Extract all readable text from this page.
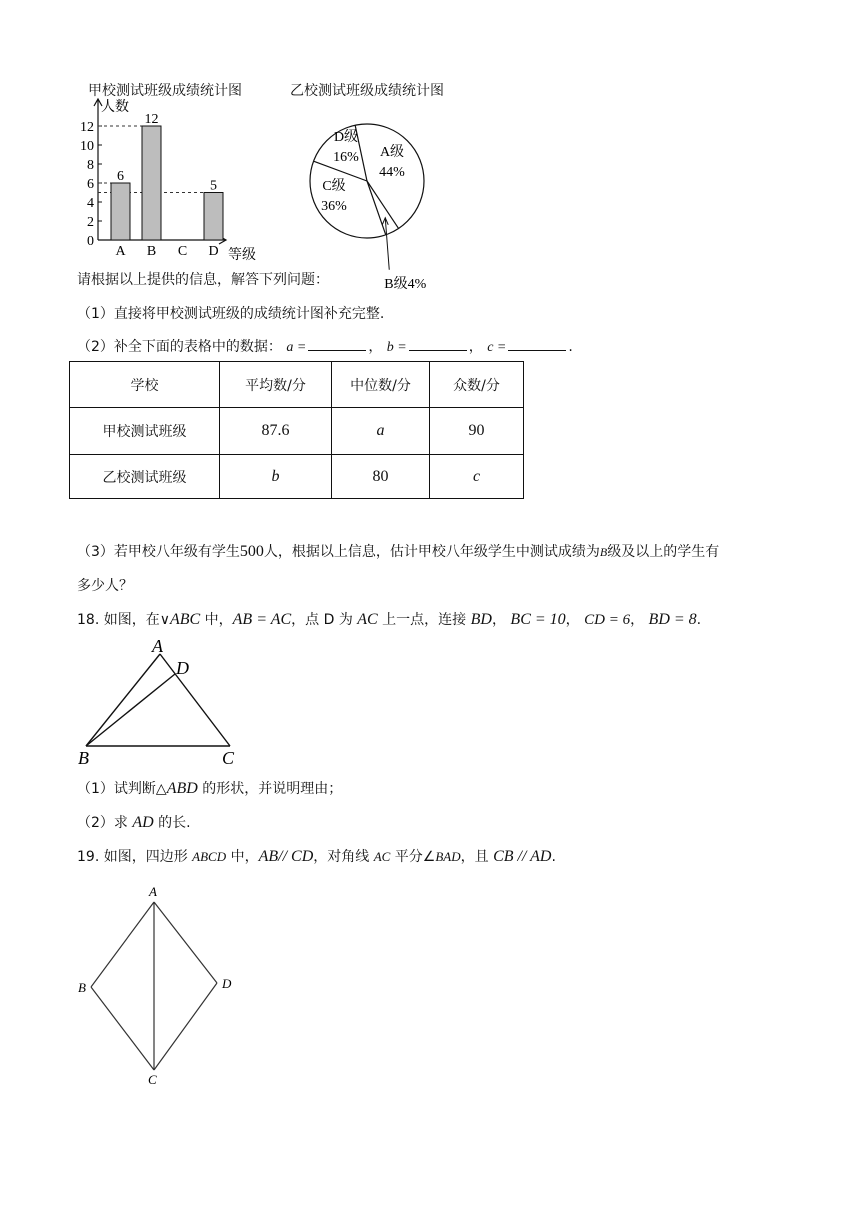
甲校测试班级成绩统计图	乙校测试班级成绩统计图
人数
等级
0
2
4
6
8
10
12
6
A
12
B C
5
D
A级
44%
B级4%
C级
36%
D级
16%
请根据以上提供的信息，解答下列问题：
（1）直接将甲校测试班级的成绩统计图补充完整.
（2）补全下面的表格中的数据： a =	， b =	， c =	.
学校	平均数/分	中位数/分	众数/分
甲校测试班级	87.6	a	90
乙校测试班级	b	80	c
（3）若甲校八年级有学生500人，根据以上信息，估计甲校八年级学生中测试成绩为B级及以上的学生有
多少人？
18. 如图，在∨ABC 中，AB = AC，点 D 为 AC 上一点，连接 BD， BC = 10， CD = 6， BD = 8.
A
D
B	C
（1）试判断△ABD 的形状，并说明理由；
（2）求 AD 的长.
19. 如图，四边形 ABCD 中，AB// CD，对角线 AC 平分∠BAD，且 CB // AD.
A
B	D
C
